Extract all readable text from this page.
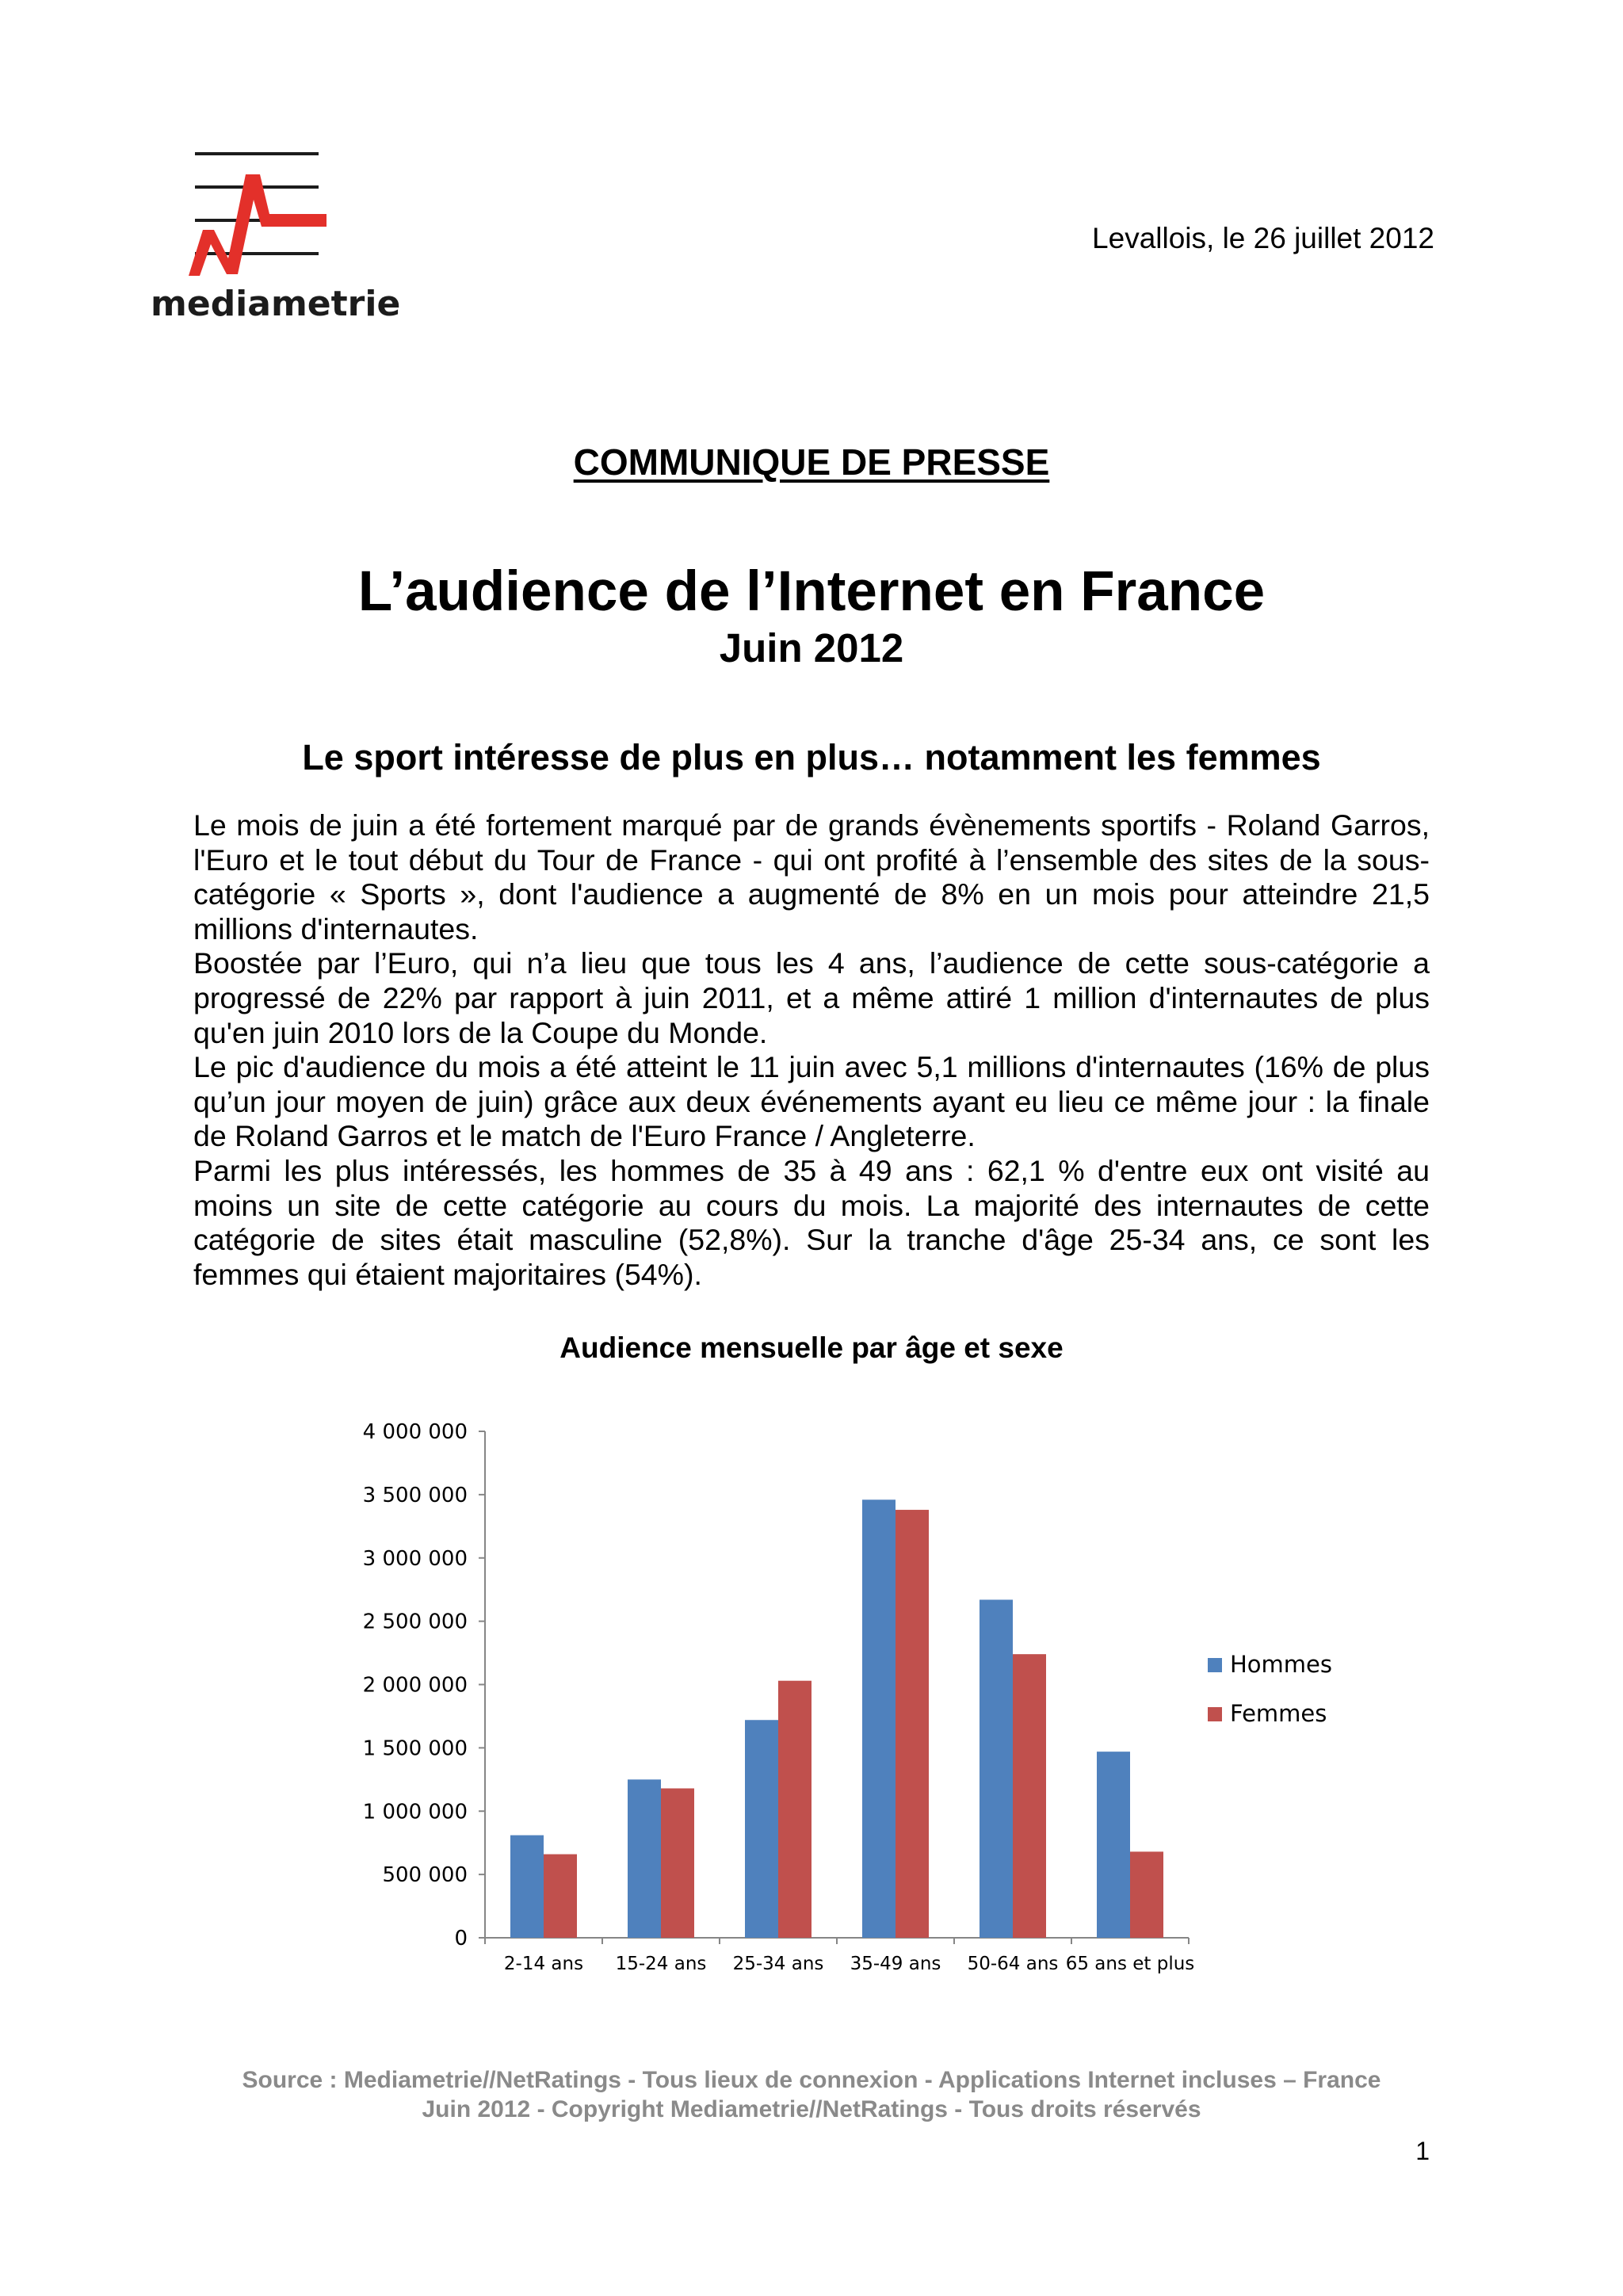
mediametrie
Levallois, le 26 juillet 2012
COMMUNIQUE DE PRESSE
L’audience de l’Internet en France
Juin 2012
Le sport intéresse de plus en plus… notamment les femmes

Le mois de juin a été fortement marqué par de grands évènements sportifs - Roland Garros, l'Euro et le tout début du Tour de France - qui ont profité à l’ensemble des sites de la sous-catégorie « Sports », dont l'audience a augmenté de 8% en un mois pour atteindre 21,5 millions d'internautes.

Boostée par l’Euro, qui n’a lieu que tous les 4 ans, l’audience de cette sous-catégorie a progressé de 22% par rapport à juin 2011, et a même attiré 1 million d'internautes de plus qu'en juin 2010 lors de la Coupe du Monde.

Le pic d'audience du mois a été atteint le 11 juin avec 5,1 millions d'internautes (16% de plus qu’un jour moyen de juin) grâce aux deux événements ayant eu lieu ce même jour : la finale de Roland Garros et le match de l'Euro France / Angleterre.

Parmi les plus intéressés, les hommes de 35 à 49 ans : 62,1 % d'entre eux ont visité au moins un site de cette catégorie au cours du mois. La majorité des internautes de cette catégorie de sites était masculine (52,8%). Sur la tranche d'âge 25-34 ans, ce sont les femmes qui étaient majoritaires (54%).

Audience mensuelle par âge et sexe
0
500 000
1 000 000
1 500 000
2 000 000
2 500 000
3 000 000
3 500 000
4 000 000
2-14 ans 15-24 ans 25-34 ans 35-49 ans 50-64 ans 65 ans et plus
Hommes
Femmes
Source : Mediametrie//NetRatings - Tous lieux de connexion - Applications Internet incluses – France
Juin 2012 - Copyright Mediametrie//NetRatings - Tous droits réservés
1
